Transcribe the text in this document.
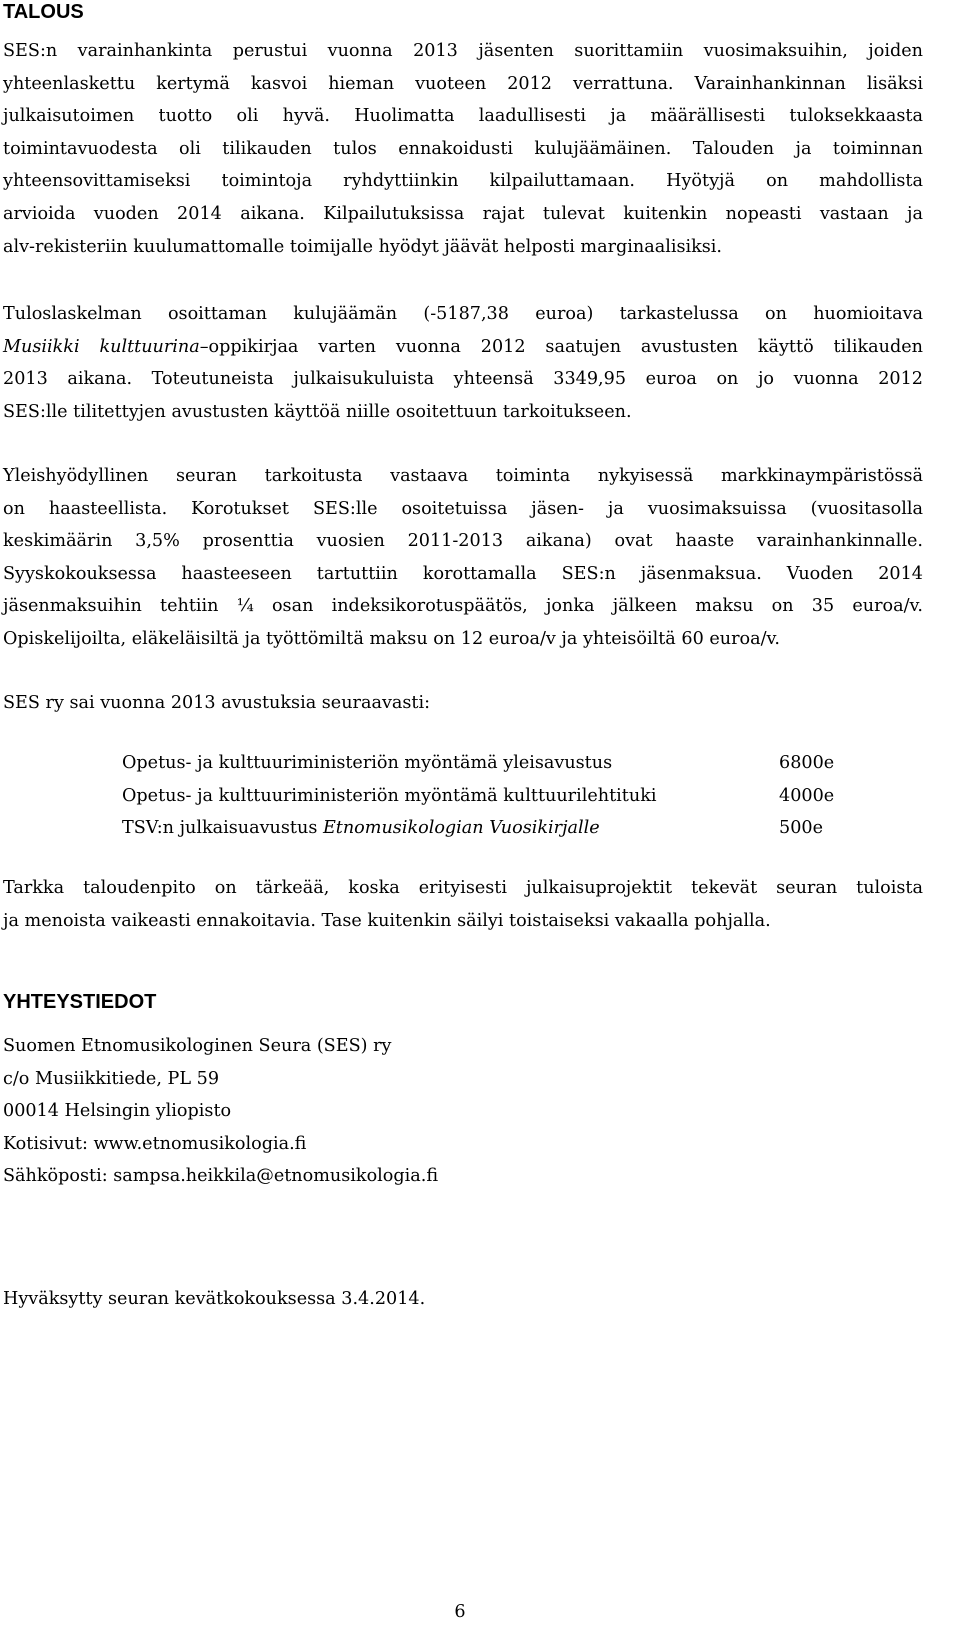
TALOUS

SES:n varainhankinta perustui vuonna 2013 jäsenten suorittamiin vuosimaksuihin, joiden
yhteenlaskettu kertymä kasvoi hieman vuoteen 2012 verrattuna. Varainhankinnan lisäksi
julkaisutoimen tuotto oli hyvä. Huolimatta laadullisesti ja määrällisesti tuloksekkaasta
toimintavuodesta oli tilikauden tulos ennakoidusti kulujäämäinen. Talouden ja toiminnan
yhteensovittamiseksi toimintoja ryhdyttiinkin kilpailuttamaan. Hyötyjä on mahdollista
arvioida vuoden 2014 aikana. Kilpailutuksissa rajat tulevat kuitenkin nopeasti vastaan ja
alv-rekisteriin kuulumattomalle toimijalle hyödyt jäävät helposti marginaalisiksi.

Tuloslaskelman osoittaman kulujäämän (-5187,38 euroa) tarkastelussa on huomioitava
Musiikki kulttuurina–oppikirjaa varten vuonna 2012 saatujen avustusten käyttö tilikauden
2013 aikana. Toteutuneista julkaisukuluista yhteensä 3349,95 euroa on jo vuonna 2012
SES:lle tilitettyjen avustusten käyttöä niille osoitettuun tarkoitukseen.

Yleishyödyllinen seuran tarkoitusta vastaava toiminta nykyisessä markkinaympäristössä
on haasteellista. Korotukset SES:lle osoitetuissa jäsen- ja vuosimaksuissa (vuositasolla
keskimäärin 3,5% prosenttia vuosien 2011-2013 aikana) ovat haaste varainhankinnalle.
Syyskokouksessa haasteeseen tartuttiin korottamalla SES:n jäsenmaksua. Vuoden 2014
jäsenmaksuihin tehtiin ¼ osan indeksikorotuspäätös, jonka jälkeen maksu on 35 euroa/v.
Opiskelijoilta, eläkeläisiltä ja työttömiltä maksu on 12 euroa/v ja yhteisöiltä 60 euroa/v.

SES ry sai vuonna 2013 avustuksia seuraavasti:

Opetus- ja kulttuuriministeriön myöntämä yleisavustus	6800e
Opetus- ja kulttuuriministeriön myöntämä kulttuurilehtituki	4000e
TSV:n julkaisuavustus Etnomusikologian Vuosikirjalle	500e

Tarkka taloudenpito on tärkeää, koska erityisesti julkaisuprojektit tekevät seuran tuloista
ja menoista vaikeasti ennakoitavia. Tase kuitenkin säilyi toistaiseksi vakaalla pohjalla.

YHTEYSTIEDOT

Suomen Etnomusikologinen Seura (SES) ry

c/o Musiikkitiede, PL 59

00014 Helsingin yliopisto

Kotisivut: www.etnomusikologia.fi

Sähköposti: sampsa.heikkila@etnomusikologia.fi

Hyväksytty seuran kevätkokouksessa 3.4.2014.

6
